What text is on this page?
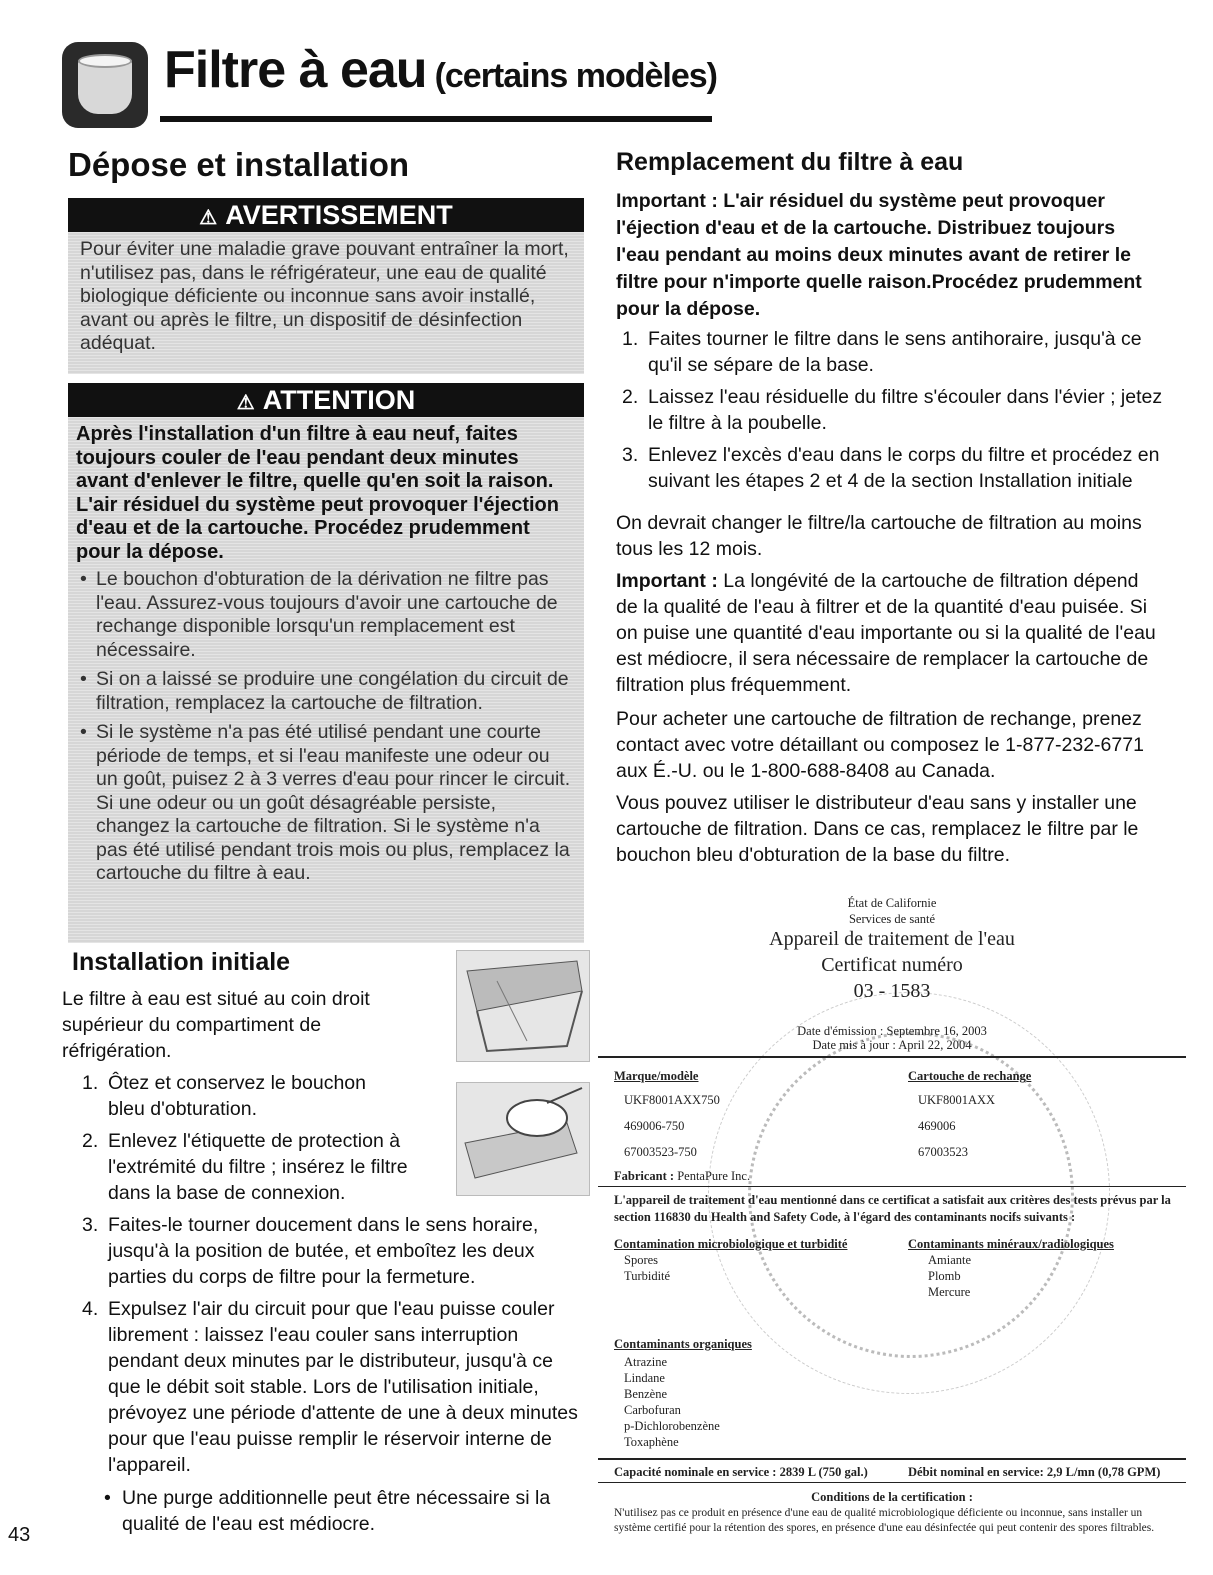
Filtre à eau (certains modèles)
Dépose et installation
⚠ AVERTISSEMENT
Pour éviter une maladie grave pouvant entraîner la mort, n'utilisez pas, dans le réfrigérateur, une eau de qualité biologique déficiente ou inconnue sans avoir installé, avant ou après le filtre, un dispositif de désinfection adéquat.
⚠ ATTENTION
Après l'installation d'un filtre à eau neuf, faites toujours couler de l'eau pendant deux minutes avant d'enlever le filtre, quelle qu'en soit la raison. L'air résiduel du système peut provoquer l'éjection d'eau et de la cartouche. Procédez prudemment pour la dépose.
• Le bouchon d'obturation de la dérivation ne filtre pas l'eau. Assurez-vous toujours d'avoir une cartouche de rechange disponible lorsqu'un remplacement est nécessaire.
• Si on a laissé se produire une congélation du circuit de filtration, remplacez la cartouche de filtration.
• Si le système n'a pas été utilisé pendant une courte période de temps, et si l'eau manifeste une odeur ou un goût, puisez 2 à 3 verres d'eau pour rincer le circuit. Si une odeur ou un goût désagréable persiste, changez la cartouche de filtration. Si le système n'a pas été utilisé pendant trois mois ou plus, remplacez la cartouche du filtre à eau.
Installation initiale
Le filtre à eau est situé au coin droit supérieur du compartiment de réfrigération.
1. Ôtez et conservez le bouchon bleu d'obturation.
2. Enlevez l'étiquette de protection à l'extrémité du filtre ; insérez le filtre dans la base de connexion.
3. Faites-le tourner doucement dans le sens horaire, jusqu'à la position de butée, et emboîtez les deux parties du corps de filtre pour la fermeture.
4. Expulsez l'air du circuit pour que l'eau puisse couler librement : laissez l'eau couler sans interruption pendant deux minutes par le distributeur, jusqu'à ce que le débit soit stable. Lors de l'utilisation initiale, prévoyez une période d'attente de une à deux minutes pour que l'eau puisse remplir le réservoir interne de l'appareil.
• Une purge additionnelle peut être nécessaire si la qualité de l'eau est médiocre.
43
Remplacement du filtre à eau
Important : L'air résiduel du système peut provoquer l'éjection d'eau et de la cartouche. Distribuez toujours l'eau pendant au moins deux minutes avant de retirer le filtre pour n'importe quelle raison.Procédez prudemment pour la dépose.
1. Faites tourner le filtre dans le sens antihoraire, jusqu'à ce qu'il se sépare de la base.
2. Laissez l'eau résiduelle du filtre s'écouler dans l'évier ; jetez le filtre à la poubelle.
3. Enlevez l'excès d'eau dans le corps du filtre et procédez en suivant les étapes 2 et 4 de la section Installation initiale
On devrait changer le filtre/la cartouche de filtration au moins tous les 12 mois.
Important : La longévité de la cartouche de filtration dépend de la qualité de l'eau à filtrer et de la quantité d'eau puisée. Si on puise une quantité d'eau importante ou si la qualité de l'eau est médiocre, il sera nécessaire de remplacer la cartouche de filtration plus fréquemment.
Pour acheter une cartouche de filtration de rechange, prenez contact avec votre détaillant ou composez le 1-877-232-6771 aux É.-U. ou le 1-800-688-8408 au Canada.
Vous pouvez utiliser le distributeur d'eau sans y installer une cartouche de filtration. Dans ce cas, remplacez le filtre par le bouchon bleu d'obturation de la base du filtre.
État de Californie
Services de santé
Appareil de traitement de l'eau
Certificat numéro
03 - 1583
Date d'émission : Septembre 16, 2003
Date mis à jour : April 22, 2004
Marque/modèle	Cartouche de rechange
UKF8001AXX750
469006-750
67003523-750
UKF8001AXX
469006
67003523
Fabricant : PentaPure Inc.
L'appareil de traitement d'eau mentionné dans ce certificat a satisfait aux critères des tests prévus par la section 116830 du Health and Safety Code, à l'égard des contaminants nocifs suivants :
Contamination microbiologique et turbidité
Spores
Turbidité
Contaminants minéraux/radiologiques
Amiante
Plomb
Mercure
Contaminants organiques
Atrazine
Lindane
Benzène
Carbofuran
p-Dichlorobenzène
Toxaphène
Capacité nominale en service : 2839 L (750 gal.)	Débit nominal en service: 2,9 L/mn (0,78 GPM)
Conditions de la certification :
N'utilisez pas ce produit en présence d'une eau de qualité microbiologique déficiente ou inconnue, sans installer un système certifié pour la rétention des spores, en présence d'une eau désinfectée qui peut contenir des spores filtrables.
